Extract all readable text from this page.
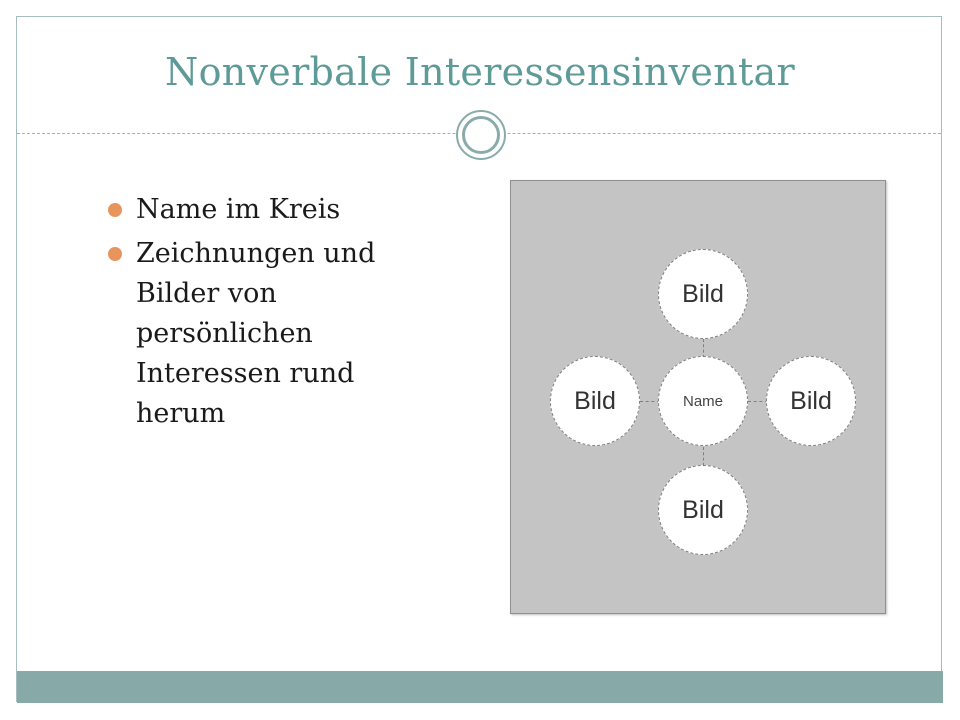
Nonverbale Interessensinventar
Name im Kreis
Zeichnungen und Bilder von persönlichen Interessen rund herum
Bild
Bild	Name	Bild
Bild
